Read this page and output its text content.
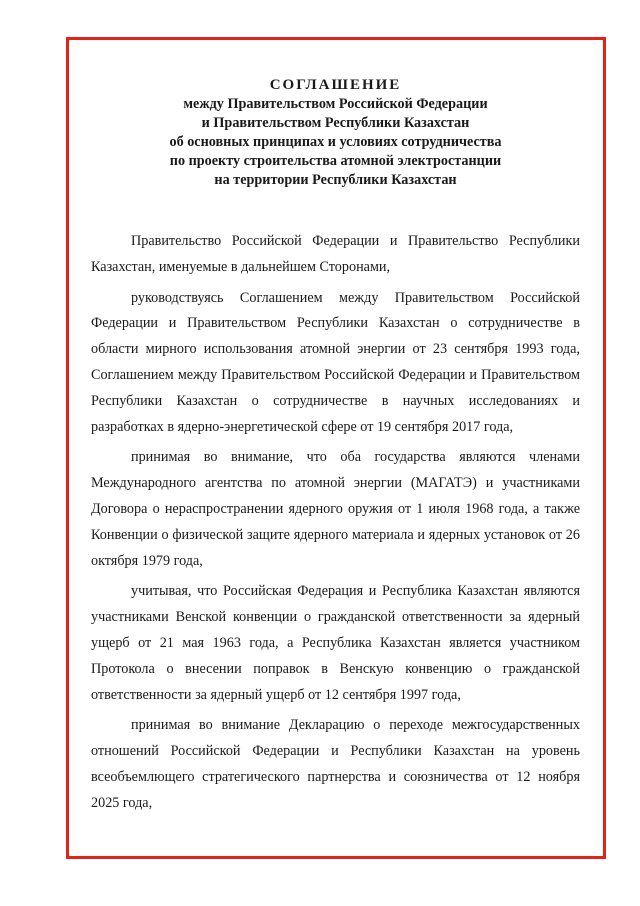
СОГЛАШЕНИЕ
между Правительством Российской Федерации
и Правительством Республики Казахстан
об основных принципах и условиях сотрудничества
по проекту строительства атомной электростанции
на территории Республики Казахстан

Правительство Российской Федерации и Правительство Республики Казахстан, именуемые в дальнейшем Сторонами,

руководствуясь Соглашением между Правительством Российской Федерации и Правительством Республики Казахстан о сотрудничестве в области мирного использования атомной энергии от 23 сентября 1993 года, Соглашением между Правительством Российской Федерации и Правительством Республики Казахстан о сотрудничестве в научных исследованиях и разработках в ядерно-энергетической сфере от 19 сентября 2017 года,

принимая во внимание, что оба государства являются членами Международного агентства по атомной энергии (МАГАТЭ) и участниками Договора о нераспространении ядерного оружия от 1 июля 1968 года, а также Конвенции о физической защите ядерного материала и ядерных установок от 26 октября 1979 года,

учитывая, что Российская Федерация и Республика Казахстан являются участниками Венской конвенции о гражданской ответственности за ядерный ущерб от 21 мая 1963 года, а Республика Казахстан является участником Протокола о внесении поправок в Венскую конвенцию о гражданской ответственности за ядерный ущерб от 12 сентября 1997 года,

принимая во внимание Декларацию о переходе межгосударственных отношений Российской Федерации и Республики Казахстан на уровень всеобъемлющего стратегического партнерства и союзничества от 12 ноября 2025 года,
